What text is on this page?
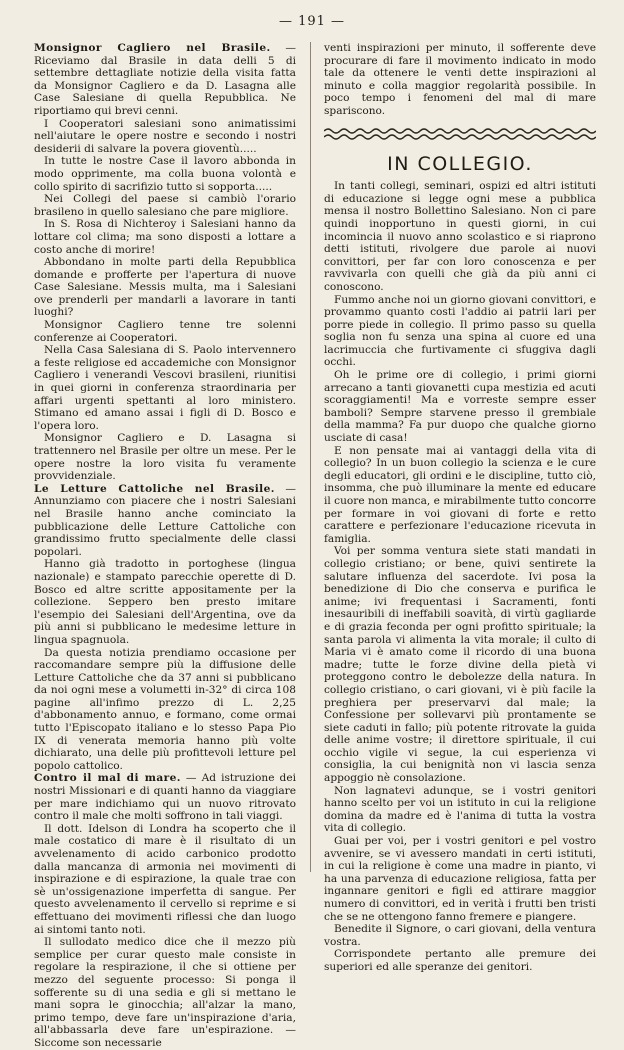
— 191 —

Monsignor Cagliero nel Brasile. — Riceviamo dal Brasile in data delli 5 di settembre dettagliate notizie della visita fatta da Monsignor Cagliero e da D. Lasagna alle Case Salesiane di quella Repubblica. Ne riportiamo qui brevi cenni.

I Cooperatori salesiani sono animatissimi nell'aiutare le opere nostre e secondo i nostri desiderii di salvare la povera gioventù.....

In tutte le nostre Case il lavoro abbonda in modo opprimente, ma colla buona volontà e collo spirito di sacrifizio tutto si sopporta.....

Nei Collegi del paese si cambiò l'orario brasileno in quello salesiano che pare migliore.

In S. Rosa di Nichteroy i Salesiani hanno da lottare col clima; ma sono disposti a lottare a costo anche di morire!

Abbondano in molte parti della Repubblica domande e profferte per l'apertura di nuove Case Salesiane. Messis multa, ma i Salesiani ove prenderli per mandarli a lavorare in tanti luoghi?

Monsignor Cagliero tenne tre solenni conferenze ai Cooperatori.

Nella Casa Salesiana di S. Paolo intervennero a feste religiose ed accademiche con Monsignor Cagliero i venerandi Vescovi brasileni, riunitisi in quei giorni in conferenza straordinaria per affari urgenti spettanti al loro ministero. Stimano ed amano assai i figli di D. Bosco e l'opera loro.

Monsignor Cagliero e D. Lasagna si trattennero nel Brasile per oltre un mese. Per le opere nostre la loro visita fu veramente provvidenziale.

Le Letture Cattoliche nel Brasile. — Annunziamo con piacere che i nostri Salesiani nel Brasile hanno anche cominciato la pubblicazione delle Letture Cattoliche con grandissimo frutto specialmente delle classi popolari.

Hanno già tradotto in portoghese (lingua nazionale) e stampato parecchie operette di D. Bosco ed altre scritte appositamente per la collezione. Seppero ben presto imitare l'esempio dei Salesiani dell'Argentina, ove da più anni si pubblicano le medesime letture in lingua spagnuola.

Da questa notizia prendiamo occasione per raccomandare sempre più la diffusione delle Letture Cattoliche che da 37 anni si pubblicano da noi ogni mese a volumetti in-32° di circa 108 pagine all'infimo prezzo di L. 2,25 d'abbonamento annuo, e formano, come ormai tutto l'Episcopato italiano e lo stesso Papa Pio IX di venerata memoria hanno più volte dichiarato, una delle più profittevoli letture pel popolo cattolico.

Contro il mal di mare. — Ad istruzione dei nostri Missionari e di quanti hanno da viaggiare per mare indichiamo qui un nuovo ritrovato contro il male che molti soffrono in tali viaggi.

Il dott. Idelson di Londra ha scoperto che il male costatico di mare è il risultato di un avvelenamento di acido carbonico prodotto dalla mancanza di armonia nei movimenti di inspirazione e di espirazione, la quale trae con sè un'ossigenazione imperfetta di sangue. Per questo avvelenamento il cervello si reprime e si effettuano dei movimenti riflessi che dan luogo ai sintomi tanto noti.

Il sullodato medico dice che il mezzo più semplice per curar questo male consiste in regolare la respirazione, il che si ottiene per mezzo del seguente processo: Si ponga il sofferente su di una sedia e gli si mettano le mani sopra le ginocchia; all'alzar la mano, primo tempo, deve fare un'inspirazione d'aria, all'abbassarla deve fare un'espirazione. — Siccome son necessarie

venti inspirazioni per minuto, il sofferente deve procurare di fare il movimento indicato in modo tale da ottenere le venti dette inspirazioni al minuto e colla maggior regolarità possibile. In poco tempo i fenomeni del mal di mare spariscono.

IN COLLEGIO.

In tanti collegi, seminari, ospizi ed altri istituti di educazione si legge ogni mese a pubblica mensa il nostro Bollettino Salesiano. Non ci pare quindi inopportuno in questi giorni, in cui incomincia il nuovo anno scolastico e si riaprono detti istituti, rivolgere due parole ai nuovi convittori, per far con loro conoscenza e per ravvivarla con quelli che già da più anni ci conoscono.

Fummo anche noi un giorno giovani convittori, e provammo quanto costi l'addio ai patrii lari per porre piede in collegio. Il primo passo su quella soglia non fu senza una spina al cuore ed una lacrimuccia che furtivamente ci sfuggiva dagli occhi.

Oh le prime ore di collegio, i primi giorni arrecano a tanti giovanetti cupa mestizia ed acuti scoraggiamenti! Ma e vorreste sempre esser bamboli? Sempre starvene presso il grembiale della mamma? Fa pur duopo che qualche giorno usciate di casa!

E non pensate mai ai vantaggi della vita di collegio? In un buon collegio la scienza e le cure degli educatori, gli ordini e le discipline, tutto ciò, insomma, che può illuminare la mente ed educare il cuore non manca, e mirabilmente tutto concorre per formare in voi giovani di forte e retto carattere e perfezionare l'educazione ricevuta in famiglia.

Voi per somma ventura siete stati mandati in collegio cristiano; or bene, quivi sentirete la salutare influenza del sacerdote. Ivi posa la benedizione di Dio che conserva e purifica le anime; ivi frequentasi i Sacramenti, fonti inesauribili di ineffabili soavità, di virtù gagliarde e di grazia feconda per ogni profitto spirituale; la santa parola vi alimenta la vita morale; il culto di Maria vi è amato come il ricordo di una buona madre; tutte le forze divine della pietà vi proteggono contro le debolezze della natura. In collegio cristiano, o cari giovani, vi è più facile la preghiera per preservarvi dal male; la Confessione per sollevarvi più prontamente se siete caduti in fallo; più potente ritrovate la guida delle anime vostre; il direttore spirituale, il cui occhio vigile vi segue, la cui esperienza vi consiglia, la cui benignità non vi lascia senza appoggio nè consolazione.

Non lagnatevi adunque, se i vostri genitori hanno scelto per voi un istituto in cui la religione domina da madre ed è l'anima di tutta la vostra vita di collegio.

Guai per voi, per i vostri genitori e pel vostro avvenire, se vi avessero mandati in certi istituti, in cui la religione è come una madre in pianto, vi ha una parvenza di educazione religiosa, fatta per ingannare genitori e figli ed attirare maggior numero di convittori, ed in verità i frutti ben tristi che se ne ottengono fanno fremere e piangere.

Benedite il Signore, o cari giovani, della ventura vostra.

Corrispondete pertanto alle premure dei superiori ed alle speranze dei genitori.
